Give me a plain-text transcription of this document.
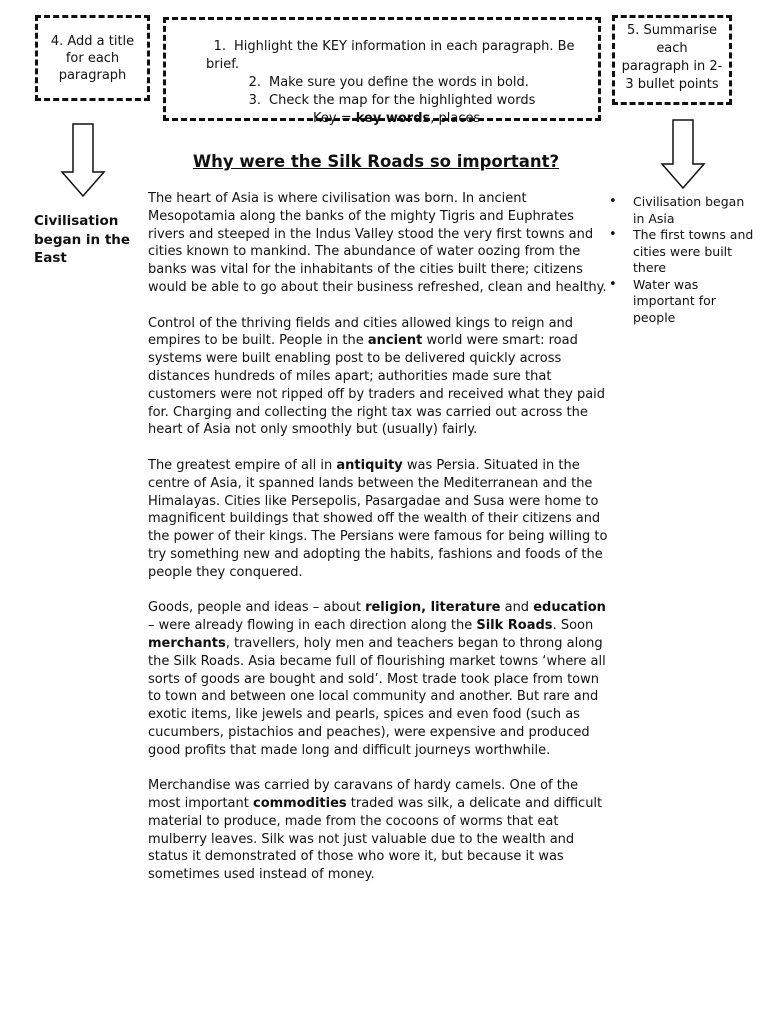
4. Add a title for each paragraph
1. Highlight the KEY information in each paragraph. Be brief.
2. Make sure you define the words in bold.
3. Check the map for the highlighted words
Key = key words, places
5. Summarise each paragraph in 2-3 bullet points
Why were the Silk Roads so important?
Civilisation began in the East

The heart of Asia is where civilisation was born. In ancient Mesopotamia along the banks of the mighty Tigris and Euphrates rivers and steeped in the Indus Valley stood the very first towns and cities known to mankind. The abundance of water oozing from the banks was vital for the inhabitants of the cities built there; citizens would be able to go about their business refreshed, clean and healthy.

Control of the thriving fields and cities allowed kings to reign and empires to be built. People in the ancient world were smart: road systems were built enabling post to be delivered quickly across distances hundreds of miles apart; authorities made sure that customers were not ripped off by traders and received what they paid for. Charging and collecting the right tax was carried out across the heart of Asia not only smoothly but (usually) fairly.

The greatest empire of all in antiquity was Persia. Situated in the centre of Asia, it spanned lands between the Mediterranean and the Himalayas. Cities like Persepolis, Pasargadae and Susa were home to magnificent buildings that showed off the wealth of their citizens and the power of their kings. The Persians were famous for being willing to try something new and adopting the habits, fashions and foods of the people they conquered.

Goods, people and ideas – about religion, literature and education – were already flowing in each direction along the Silk Roads. Soon merchants, travellers, holy men and teachers began to throng along the Silk Roads. Asia became full of flourishing market towns ‘where all sorts of goods are bought and sold’. Most trade took place from town to town and between one local community and another. But rare and exotic items, like jewels and pearls, spices and even food (such as cucumbers, pistachios and peaches), were expensive and produced good profits that made long and difficult journeys worthwhile.

Merchandise was carried by caravans of hardy camels. One of the most important commodities traded was silk, a delicate and difficult material to produce, made from the cocoons of worms that eat mulberry leaves. Silk was not just valuable due to the wealth and status it demonstrated of those who wore it, but because it was sometimes used instead of money.

• Civilisation began in Asia
• The first towns and cities were built there
• Water was important for people
